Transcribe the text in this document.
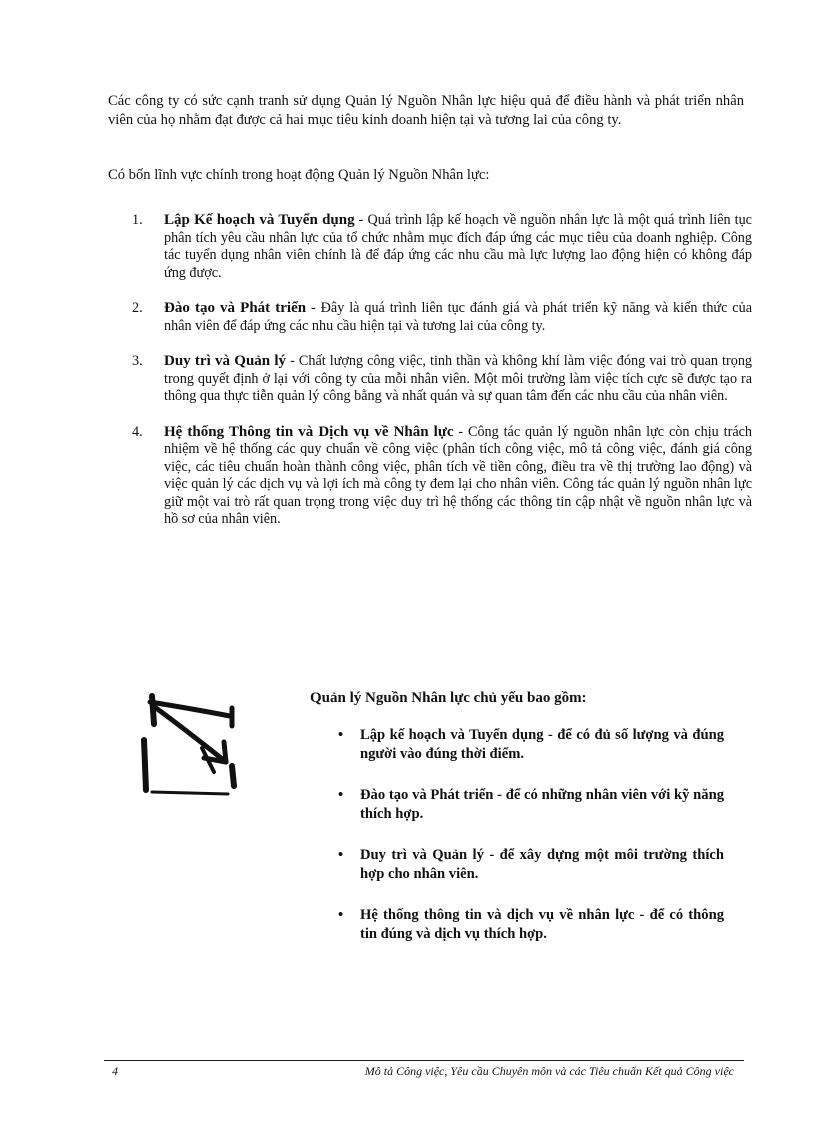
Các công ty có sức cạnh tranh sử dụng Quản lý Nguồn Nhân lực hiệu quả để điều hành và phát triển nhân viên của họ nhằm đạt được cả hai mục tiêu kinh doanh hiện tại và tương lai của công ty.

Có bốn lĩnh vực chính trong hoạt động Quản lý Nguồn Nhân lực:

1. Lập Kế hoạch và Tuyển dụng - Quá trình lập kế hoạch về nguồn nhân lực là một quá trình liên tục phân tích yêu cầu nhân lực của tổ chức nhằm mục đích đáp ứng các mục tiêu của doanh nghiệp. Công tác tuyển dụng nhân viên chính là để đáp ứng các nhu cầu mà lực lượng lao động hiện có không đáp ứng được.
2. Đào tạo và Phát triển - Đây là quá trình liên tục đánh giá và phát triển kỹ năng và kiến thức của nhân viên để đáp ứng các nhu cầu hiện tại và tương lai của công ty.
3. Duy trì và Quản lý - Chất lượng công việc, tinh thần và không khí làm việc đóng vai trò quan trọng trong quyết định ở lại với công ty của mỗi nhân viên. Một môi trường làm việc tích cực sẽ được tạo ra thông qua thực tiễn quản lý công bằng và nhất quán và sự quan tâm đến các nhu cầu của nhân viên.
4. Hệ thống Thông tin và Dịch vụ về Nhân lực - Công tác quản lý nguồn nhân lực còn chịu trách nhiệm về hệ thống các quy chuẩn về công việc (phân tích công việc, mô tả công việc, đánh giá công việc, các tiêu chuẩn hoàn thành công việc, phân tích về tiền công, điều tra về thị trường lao động) và việc quản lý các dịch vụ và lợi ích mà công ty đem lại cho nhân viên. Công tác quản lý nguồn nhân lực giữ một vai trò rất quan trọng trong việc duy trì hệ thống các thông tin cập nhật về nguồn nhân lực và hồ sơ của nhân viên.

Quản lý Nguồn Nhân lực chủ yếu bao gồm:

• Lập kế hoạch và Tuyển dụng - để có đủ số lượng và đúng người vào đúng thời điểm.
• Đào tạo và Phát triển - để có những nhân viên với kỹ năng thích hợp.
• Duy trì và Quản lý - để xây dựng một môi trường thích hợp cho nhân viên.
• Hệ thống thông tin và dịch vụ về nhân lực - để có thông tin đúng và dịch vụ thích hợp.
4	Mô tả Công việc, Yêu cầu Chuyên môn và các Tiêu chuẩn Kết quả Công việc
